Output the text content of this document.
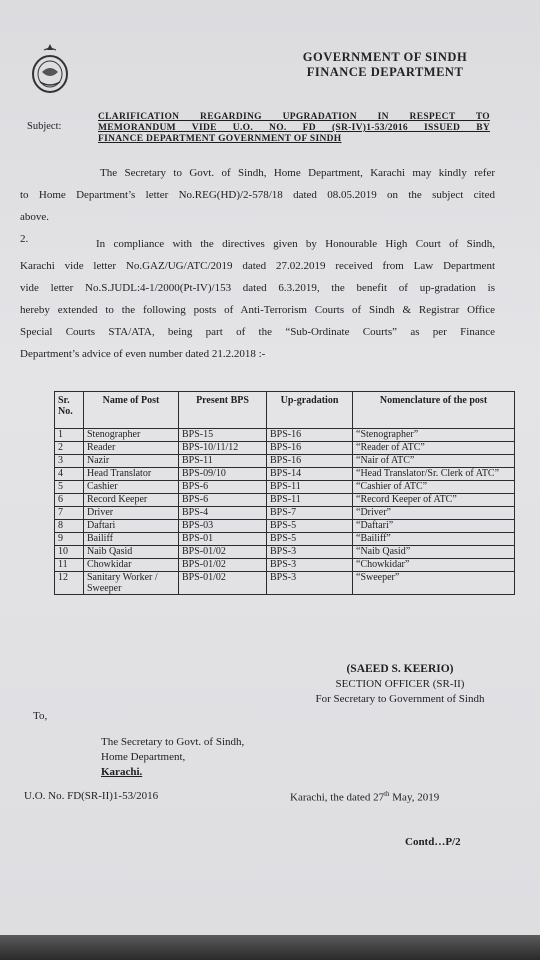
GOVERNMENT OF SINDH
FINANCE DEPARTMENT
Subject:
CLARIFICATION REGARDING UPGRADATION IN RESPECT TO
MEMORANDUM VIDE U.O. NO. FD (SR-IV)1-53/2016 ISSUED BY
FINANCE DEPARTMENT GOVERNMENT OF SINDH
The Secretary to Govt. of Sindh, Home Department, Karachi may kindly refer
to Home Department’s letter No.REG(HD)/2-578/18 dated 08.05.2019 on the subject cited
above.
2.	In compliance with the directives given by Honourable High Court of Sindh,
Karachi vide letter No.GAZ/UG/ATC/2019 dated 27.02.2019 received from Law Department
vide letter No.S.JUDL:4-1/2000(Pt-IV)/153 dated 6.3.2019, the benefit of up-gradation is
hereby extended to the following posts of Anti-Terrorism Courts of Sindh & Registrar Office
Special Courts STA/ATA, being part of the “Sub-Ordinate Courts” as per Finance
Department’s advice of even number dated 21.2.2018 :-
Sr. No.	Name of Post	Present BPS	Up-gradation	Nomenclature of the post
1	Stenographer	BPS-15	BPS-16	“Stenographer”
2	Reader	BPS-10/11/12	BPS-16	“Reader of ATC”
3	Nazir	BPS-11	BPS-16	“Nair of ATC”
4	Head Translator	BPS-09/10	BPS-14	“Head Translator/Sr. Clerk of ATC”
5	Cashier	BPS-6	BPS-11	“Cashier of ATC”
6	Record Keeper	BPS-6	BPS-11	“Record Keeper of ATC”
7	Driver	BPS-4	BPS-7	“Driver”
8	Daftari	BPS-03	BPS-5	“Daftari”
9	Bailiff	BPS-01	BPS-5	“Bailiff”
10	Naib Qasid	BPS-01/02	BPS-3	“Naib Qasid”
11	Chowkidar	BPS-01/02	BPS-3	“Chowkidar”
12	Sanitary Worker / Sweeper	BPS-01/02	BPS-3	“Sweeper”
(SAEED S. KEERIO)
SECTION OFFICER (SR-II)
For Secretary to Government of Sindh
To,
The Secretary to Govt. of Sindh,
Home Department,
Karachi.
U.O. No. FD(SR-II)1-53/2016	Karachi, the dated 27th May, 2019
Contd…P/2
